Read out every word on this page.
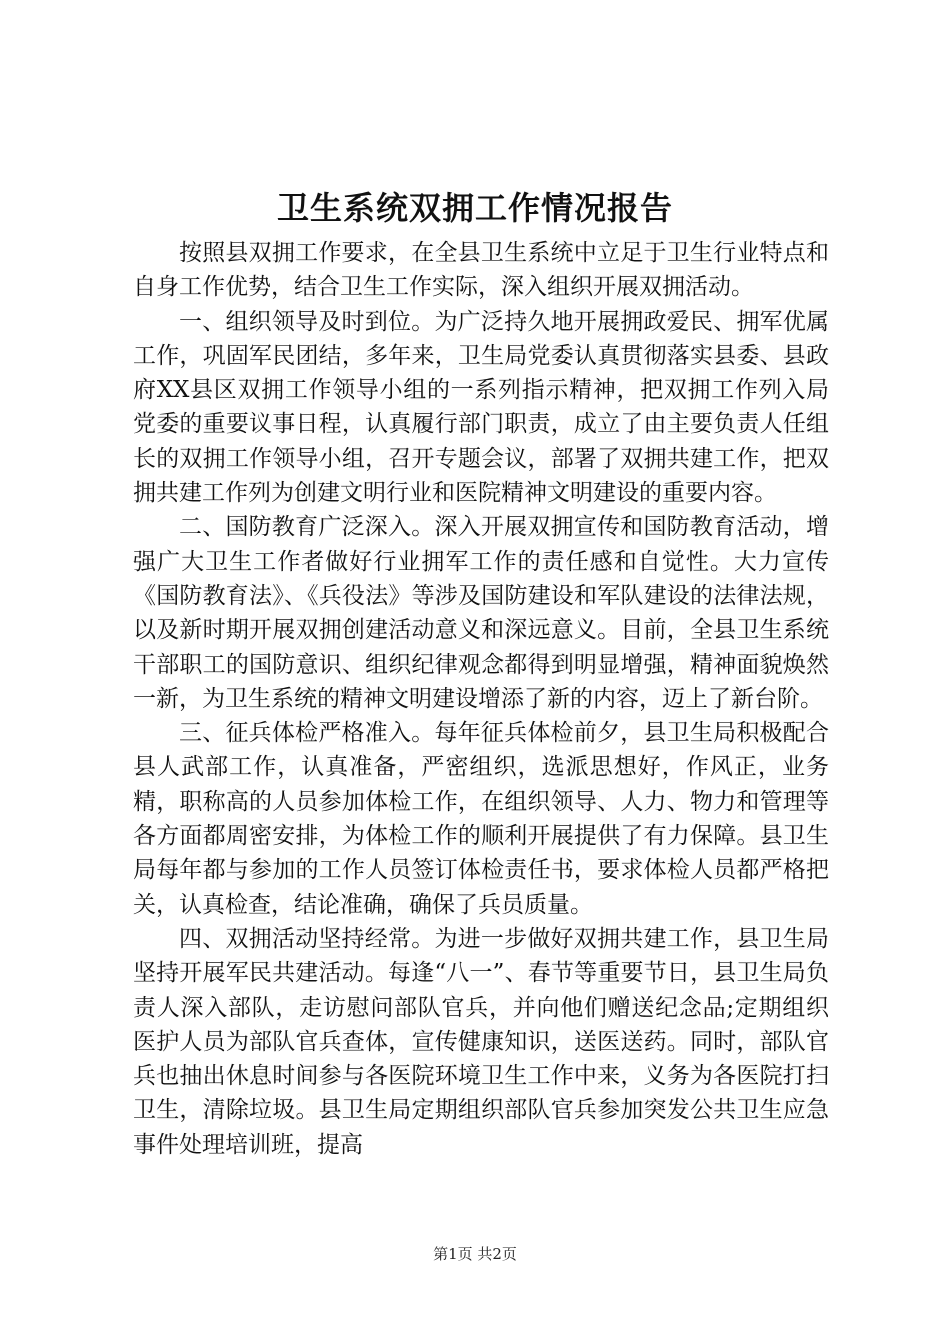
卫生系统双拥工作情况报告

按照县双拥工作要求，在全县卫生系统中立足于卫生行业特点和自身工作优势，结合卫生工作实际，深入组织开展双拥活动。

一、组织领导及时到位。为广泛持久地开展拥政爱民、拥军优属工作，巩固军民团结，多年来，卫生局党委认真贯彻落实县委、县政府XX县区双拥工作领导小组的一系列指示精神，把双拥工作列入局党委的重要议事日程，认真履行部门职责，成立了由主要负责人任组长的双拥工作领导小组，召开专题会议，部署了双拥共建工作，把双拥共建工作列为创建文明行业和医院精神文明建设的重要内容。

二、国防教育广泛深入。深入开展双拥宣传和国防教育活动，增强广大卫生工作者做好行业拥军工作的责任感和自觉性。大力宣传《国防教育法》、《兵役法》等涉及国防建设和军队建设的法律法规，以及新时期开展双拥创建活动意义和深远意义。目前，全县卫生系统干部职工的国防意识、组织纪律观念都得到明显增强，精神面貌焕然一新，为卫生系统的精神文明建设增添了新的内容，迈上了新台阶。

三、征兵体检严格准入。每年征兵体检前夕，县卫生局积极配合县人武部工作，认真准备，严密组织，选派思想好，作风正，业务精，职称高的人员参加体检工作，在组织领导、人力、物力和管理等各方面都周密安排，为体检工作的顺利开展提供了有力保障。县卫生局每年都与参加的工作人员签订体检责任书，要求体检人员都严格把关，认真检查，结论准确，确保了兵员质量。

四、双拥活动坚持经常。为进一步做好双拥共建工作，县卫生局坚持开展军民共建活动。每逢“八一”、春节等重要节日，县卫生局负责人深入部队，走访慰问部队官兵，并向他们赠送纪念品;定期组织医护人员为部队官兵查体，宣传健康知识，送医送药。同时，部队官兵也抽出休息时间参与各医院环境卫生工作中来，义务为各医院打扫卫生，清除垃圾。县卫生局定期组织部队官兵参加突发公共卫生应急事件处理培训班，提高

第1页 共2页
